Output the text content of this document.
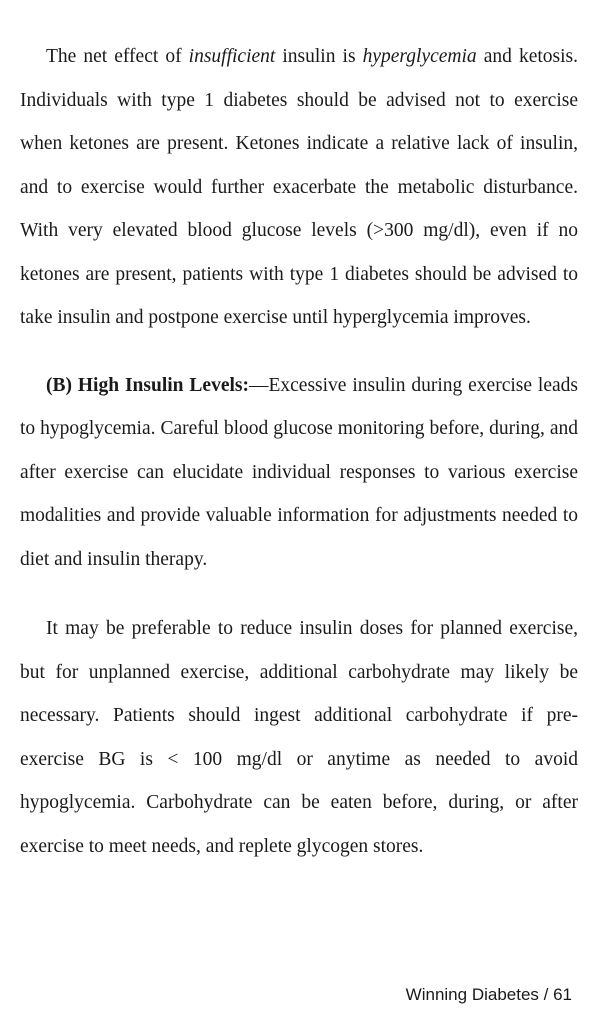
The net effect of insufficient insulin is hyperglycemia and ketosis. Individuals with type 1 diabetes should be advised not to exercise when ketones are present. Ketones indicate a relative lack of insulin, and to exercise would further exacerbate the metabolic disturbance. With very elevated blood glucose levels (>300 mg/dl), even if no ketones are present, patients with type 1 diabetes should be advised to take insulin and postpone exercise until hyperglycemia improves.

(B) High Insulin Levels:—Excessive insulin during exercise leads to hypoglycemia. Careful blood glucose monitoring before, during, and after exercise can elucidate individual responses to various exercise modalities and provide valuable information for adjustments needed to diet and insulin therapy.

It may be preferable to reduce insulin doses for planned exercise, but for unplanned exercise, additional carbohydrate may likely be necessary. Patients should ingest additional carbohydrate if pre-exercise BG is < 100 mg/dl or anytime as needed to avoid hypoglycemia. Carbohydrate can be eaten before, during, or after exercise to meet needs, and replete glycogen stores.

Winning Diabetes / 61
